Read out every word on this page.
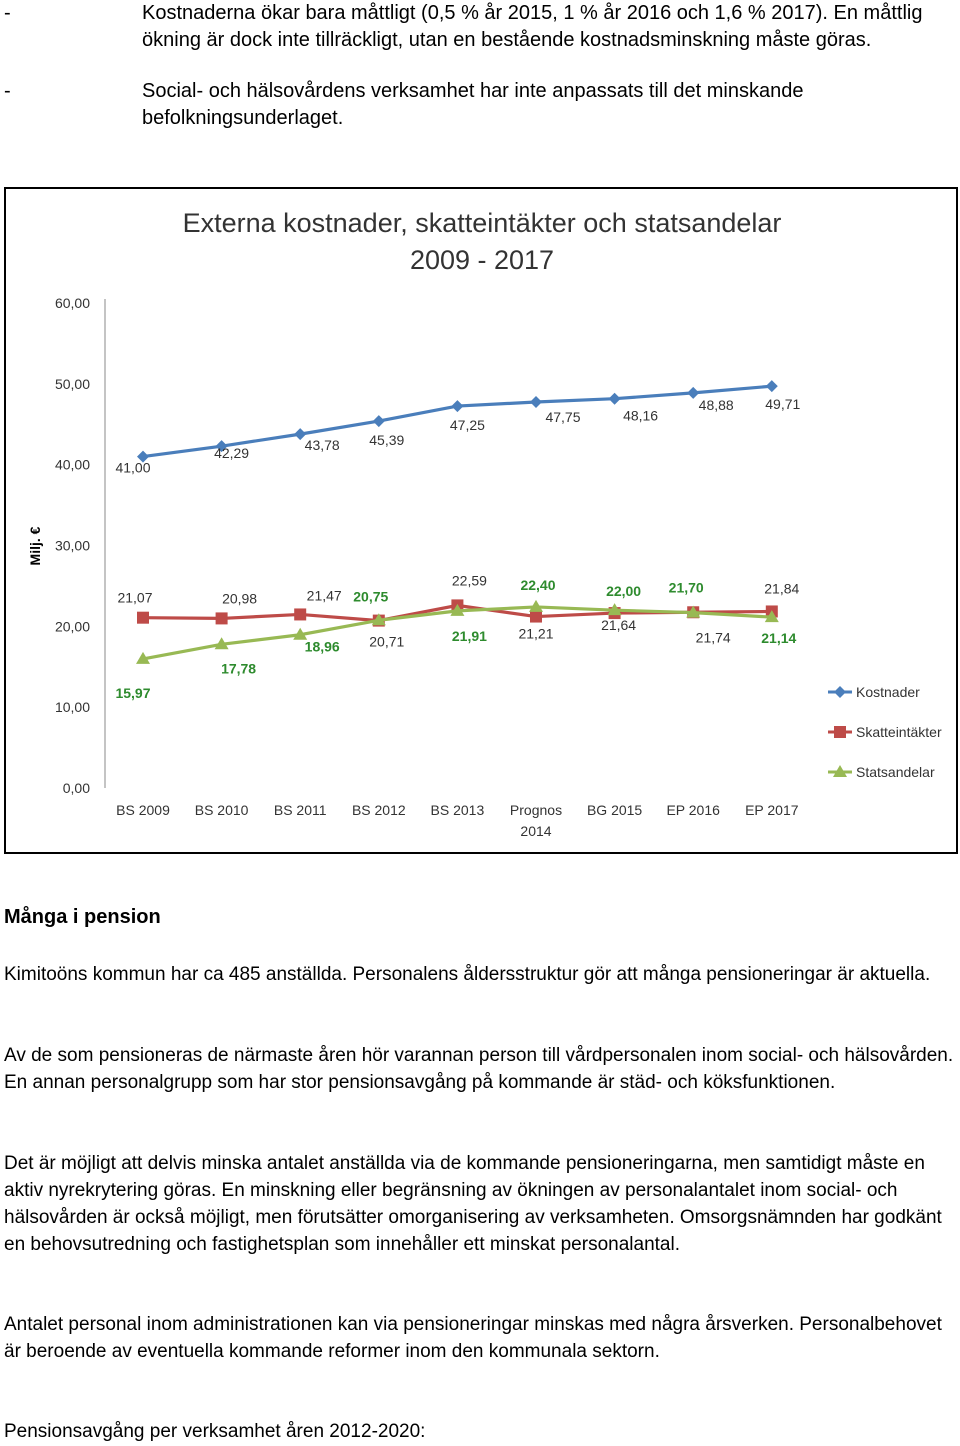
-	Kostnaderna ökar bara måttligt (0,5 % år 2015, 1 % år 2016 och 1,6 % 2017). En måttlig ökning är dock inte tillräckligt, utan en bestående kostnadsminskning måste göras.
-	Social- och hälsovårdens verksamhet har inte anpassats till det minskande befolkningsunderlaget.
Externa kostnader, skatteintäkter och statsandelar
2009 - 2017
Milj. €
0,00
10,00
20,00
30,00
40,00
50,00
60,00
BS 2009 BS 2010 BS 2011 BS 2012 BS 2013 Prognos 2014
BG 2015 EP 2016 EP 2017
41,00
42,29
43,78 45,39
47,25
47,75	48,16
48,88 49,71
21,07	20,98	21,47
20,71
22,59
21,21
21,64
21,74
21,84
15,97
17,78
18,96
20,75
21,91
22,40	22,00 21,70
21,14
Kostnader
Skatteintäkter
Statsandelar
Många i pension
Kimitoöns kommun har ca 485 anställda. Personalens åldersstruktur gör att många pensioneringar är aktuella.
Av de som pensioneras de närmaste åren hör varannan person till vårdpersonalen inom social- och hälsovården. En annan personalgrupp som har stor pensionsavgång på kommande är städ- och köksfunktionen.
Det är möjligt att delvis minska antalet anställda via de kommande pensioneringarna, men samtidigt måste en aktiv nyrekrytering göras. En minskning eller begränsning av ökningen av personalantalet inom social- och hälsovården är också möjligt, men förutsätter omorganisering av verksamheten. Omsorgsnämnden har godkänt en behovsutredning och fastighetsplan som innehåller ett minskat personalantal.
Antalet personal inom administrationen kan via pensioneringar minskas med några årsverken. Personalbehovet är beroende av eventuella kommande reformer inom den kommunala sektorn.
Pensionsavgång per verksamhet åren 2012-2020:
